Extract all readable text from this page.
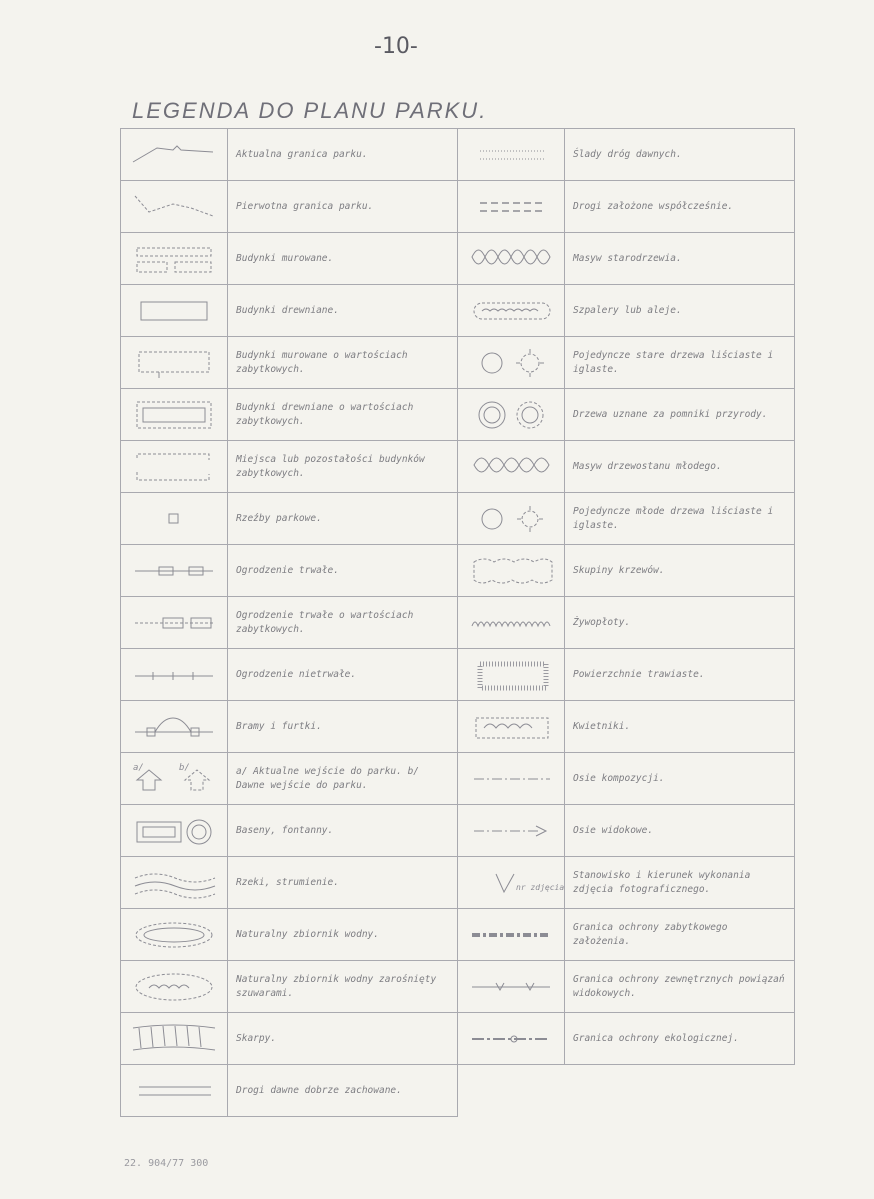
-10-
LEGENDA DO PLANU PARKU.
	Aktualna granica parku.		Ślady dróg dawnych.

	Pierwotna granica parku.		Drogi założone współcześnie.

	Budynki murowane.		Masyw starodrzewia.

	Budynki drewniane.		Szpalery lub aleje.

	Budynki murowane o wartościach zabytkowych.		Pojedyncze stare drzewa liściaste i iglaste.

	Budynki drewniane o wartościach zabytkowych.		Drzewa uznane za pomniki przyrody.

	Miejsca lub pozostałości budynków zabytkowych.		Masyw drzewostanu młodego.

	Rzeźby parkowe.		Pojedyncze młode drzewa liściaste i iglaste.

	Ogrodzenie trwałe.		Skupiny krzewów.

	Ogrodzenie trwałe o wartościach zabytkowych.		Żywopłoty.

	Ogrodzenie nietrwałe.		Powierzchnie trawiaste.

	Bramy i furtki.		Kwietniki.

a/ b/	a/ Aktualne wejście do parku. b/ Dawne wejście do parku.		Osie kompozycji.

	Baseny, fontanny.		Osie widokowe.

	Rzeki, strumienie.	nr zdjęcia	Stanowisko i kierunek wykonania zdjęcia fotograficznego.

	Naturalny zbiornik wodny.		Granica ochrony zabytkowego założenia.

	Naturalny zbiornik wodny zarośnięty szuwarami.		Granica ochrony zewnętrznych powiązań widokowych.

	Skarpy.		Granica ochrony ekologicznej.

	Drogi dawne dobrze zachowane.		
22. 904/77 300
